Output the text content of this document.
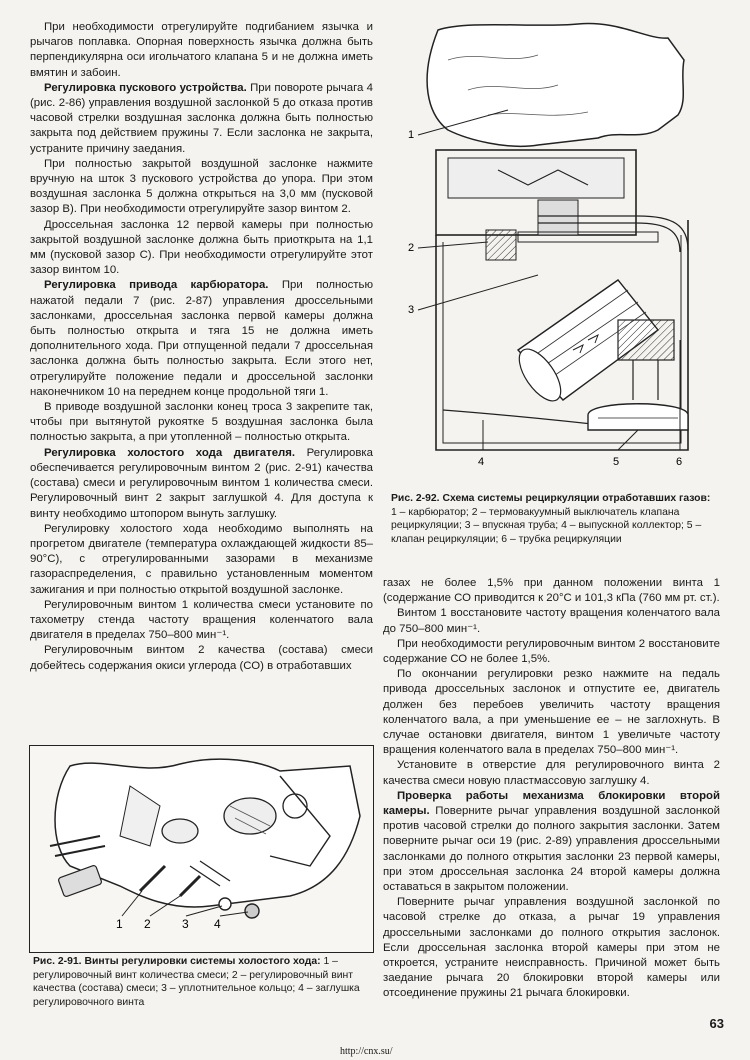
При необходимости отрегулируйте подгибанием язычка и рычагов поплавка. Опорная поверхность язычка должна быть перпендикулярна оси игольчатого клапана 5 и не должна иметь вмятин и забоин.

Регулировка пускового устройства. При повороте рычага 4 (рис. 2-86) управления воздушной заслонкой 5 до отказа против часовой стрелки воздушная заслонка должна быть полностью закрыта под действием пружины 7. Если заслонка не закрыта, устраните причину заедания.

При полностью закрытой воздушной заслонке нажмите вручную на шток 3 пускового устройства до упора. При этом воздушная заслонка 5 должна открыться на 3,0 мм (пусковой зазор В). При необходимости отрегулируйте зазор винтом 2.

Дроссельная заслонка 12 первой камеры при полностью закрытой воздушной заслонке должна быть приоткрыта на 1,1 мм (пусковой зазор С). При необходимости отрегулируйте этот зазор винтом 10.

Регулировка привода карбюратора. При полностью нажатой педали 7 (рис. 2-87) управления дроссельными заслонками, дроссельная заслонка первой камеры должна быть полностью открыта и тяга 15 не должна иметь дополнительного хода. При отпущенной педали 7 дроссельная заслонка должна быть полностью закрыта. Если этого нет, отрегулируйте положение педали и дроссельной заслонки наконечником 10 на переднем конце продольной тяги 1.

В приводе воздушной заслонки конец троса 3 закрепите так, чтобы при вытянутой рукоятке 5 воздушная заслонка была полностью закрыта, а при утопленной – полностью открыта.

Регулировка холостого хода двигателя. Регулировка обеспечивается регулировочным винтом 2 (рис. 2-91) качества (состава) смеси и регулировочным винтом 1 количества смеси. Регулировочный винт 2 закрыт заглушкой 4. Для доступа к винту необходимо штопором вынуть заглушку.

Регулировку холостого хода необходимо выполнять на прогретом двигателе (температура охлаждающей жидкости 85–90°С), с отрегулированными зазорами в механизме газораспределения, с правильно установленным моментом зажигания и при полностью открытой воздушной заслонке.

Регулировочным винтом 1 количества смеси установите по тахометру стенда частоту вращения коленчатого вала двигателя в пределах 750–800 мин⁻¹.

Регулировочным винтом 2 качества (состава) смеси добейтесь содержания окиси углерода (СО) в отработавших

1
2
3
4	5	6
Рис. 2-92. Схема системы рециркуляции отработавших газов: 1 – карбюратор; 2 – термовакуумный выключатель клапана рециркуляции; 3 – впускная труба; 4 – выпускной коллектор; 5 – клапан рециркуляции; 6 – трубка рециркуляции
1 2	3 4
Рис. 2-91. Винты регулировки системы холостого хода: 1 – регулировочный винт количества смеси; 2 – регулировочный винт качества (состава) смеси; 3 – уплотнительное кольцо; 4 – заглушка регулировочного винта

газах не более 1,5% при данном положении винта 1 (содержание СО приводится к 20°С и 101,3 кПа (760 мм рт. ст.).

Винтом 1 восстановите частоту вращения коленчатого вала до 750–800 мин⁻¹.

При необходимости регулировочным винтом 2 восстановите содержание СО не более 1,5%.

По окончании регулировки резко нажмите на педаль привода дроссельных заслонок и отпустите ее, двигатель должен без перебоев увеличить частоту вращения коленчатого вала, а при уменьшение ее – не заглохнуть. В случае остановки двигателя, винтом 1 увеличьте частоту вращения коленчатого вала в пределах 750–800 мин⁻¹.

Установите в отверстие для регулировочного винта 2 качества смеси новую пластмассовую заглушку 4.

Проверка работы механизма блокировки второй камеры. Поверните рычаг управления воздушной заслонкой против часовой стрелки до полного закрытия заслонки. Затем поверните рычаг оси 19 (рис. 2-89) управления дроссельными заслонками до полного открытия заслонки 23 первой камеры, при этом дроссельная заслонка 24 второй камеры должна оставаться в закрытом положении.

Поверните рычаг управления воздушной заслонкой по часовой стрелке до отказа, а рычаг 19 управления дроссельными заслонками до полного открытия заслонок. Если дроссельная заслонка второй камеры при этом не откроется, устраните неисправность. Причиной может быть заедание рычага 20 блокировки второй камеры или отсоединение пружины 21 рычага блокировки.

63
http://cnx.su/
